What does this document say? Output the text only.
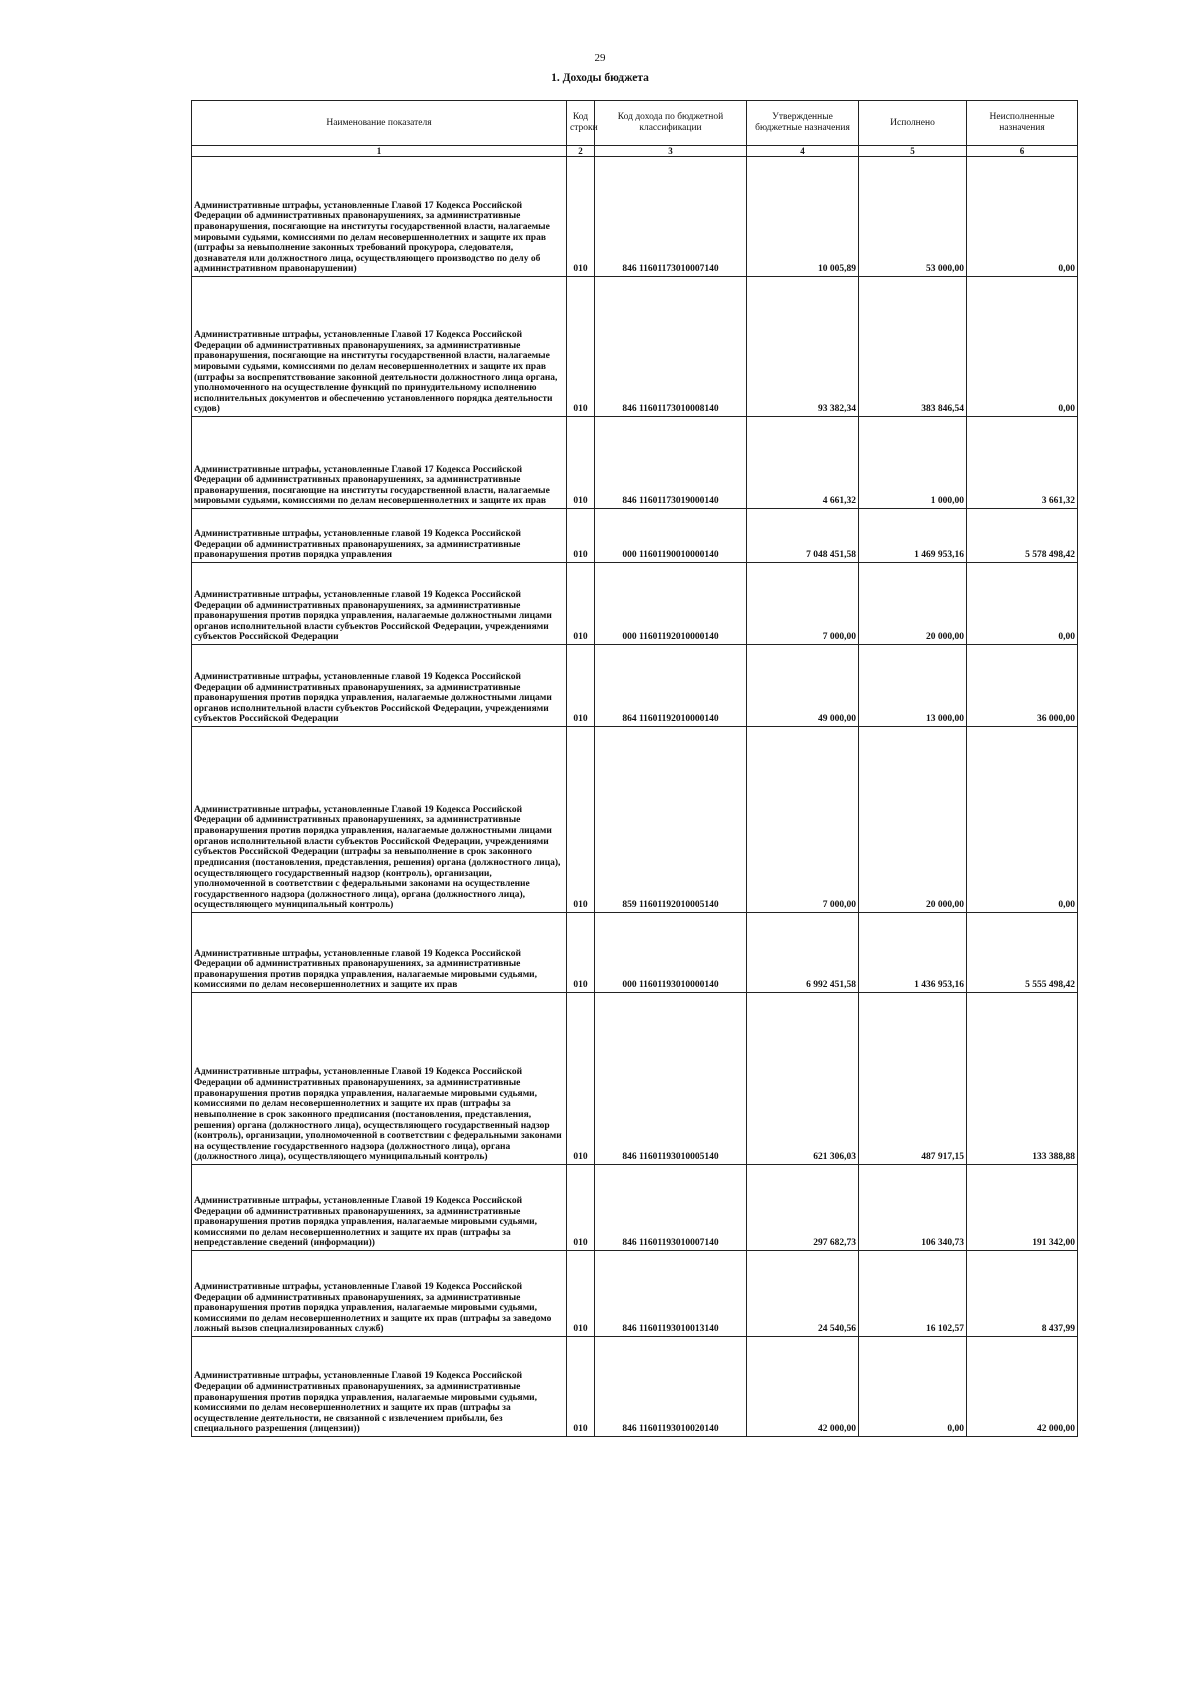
29
1. Доходы бюджета
Наименование показателя	Код строки	Код дохода по бюджетной классификации	Утвержденные бюджетные назначения	Исполнено	Неисполненные назначения
1	2	3	4	5	6
Административные штрафы, установленные Главой 17 Кодекса Российской Федерации об административных правонарушениях, за административные правонарушения, посягающие на институты государственной власти, налагаемые мировыми судьями, комиссиями по делам несовершеннолетних и защите их прав (штрафы за невыполнение законных требований прокурора, следователя, дознавателя или должностного лица, осуществляющего производство по делу об административном правонарушении)	010	846 11601173010007140	10 005,89	53 000,00	0,00
Административные штрафы, установленные Главой 17 Кодекса Российской Федерации об административных правонарушениях, за административные правонарушения, посягающие на институты государственной власти, налагаемые мировыми судьями, комиссиями по делам несовершеннолетних и защите их прав (штрафы за воспрепятствование законной деятельности должностного лица органа, уполномоченного на осуществление функций по принудительному исполнению исполнительных документов и обеспечению установленного порядка деятельности судов)	010	846 11601173010008140	93 382,34	383 846,54	0,00
Административные штрафы, установленные Главой 17 Кодекса Российской Федерации об административных правонарушениях, за административные правонарушения, посягающие на институты государственной власти, налагаемые мировыми судьями, комиссиями по делам несовершеннолетних и защите их прав	010	846 11601173019000140	4 661,32	1 000,00	3 661,32
Административные штрафы, установленные главой 19 Кодекса Российской Федерации об административных правонарушениях, за административные правонарушения против порядка управления	010	000 11601190010000140	7 048 451,58	1 469 953,16	5 578 498,42
Административные штрафы, установленные главой 19 Кодекса Российской Федерации об административных правонарушениях, за административные правонарушения против порядка управления, налагаемые должностными лицами органов исполнительной власти субъектов Российской Федерации, учреждениями субъектов Российской Федерации	010	000 11601192010000140	7 000,00	20 000,00	0,00
Административные штрафы, установленные главой 19 Кодекса Российской Федерации об административных правонарушениях, за административные правонарушения против порядка управления, налагаемые должностными лицами органов исполнительной власти субъектов Российской Федерации, учреждениями субъектов Российской Федерации	010	864 11601192010000140	49 000,00	13 000,00	36 000,00
Административные штрафы, установленные Главой 19 Кодекса Российской Федерации об административных правонарушениях, за административные правонарушения против порядка управления, налагаемые должностными лицами органов исполнительной власти субъектов Российской Федерации, учреждениями субъектов Российской Федерации (штрафы за невыполнение в срок законного предписания (постановления, представления, решения) органа (должностного лица), осуществляющего государственный надзор (контроль), организации, уполномоченной в соответствии с федеральными законами на осуществление государственного надзора (должностного лица), органа (должностного лица), осуществляющего муниципальный контроль)	010	859 11601192010005140	7 000,00	20 000,00	0,00
Административные штрафы, установленные главой 19 Кодекса Российской Федерации об административных правонарушениях, за административные правонарушения против порядка управления, налагаемые мировыми судьями, комиссиями по делам несовершеннолетних и защите их прав	010	000 11601193010000140	6 992 451,58	1 436 953,16	5 555 498,42
Административные штрафы, установленные Главой 19 Кодекса Российской Федерации об административных правонарушениях, за административные правонарушения против порядка управления, налагаемые мировыми судьями, комиссиями по делам несовершеннолетних и защите их прав (штрафы за невыполнение в срок законного предписания (постановления, представления, решения) органа (должностного лица), осуществляющего государственный надзор (контроль), организации, уполномоченной в соответствии с федеральными законами на осуществление государственного надзора (должностного лица), органа (должностного лица), осуществляющего муниципальный контроль)	010	846 11601193010005140	621 306,03	487 917,15	133 388,88
Административные штрафы, установленные Главой 19 Кодекса Российской Федерации об административных правонарушениях, за административные правонарушения против порядка управления, налагаемые мировыми судьями, комиссиями по делам несовершеннолетних и защите их прав (штрафы за непредставление сведений (информации))	010	846 11601193010007140	297 682,73	106 340,73	191 342,00
Административные штрафы, установленные Главой 19 Кодекса Российской Федерации об административных правонарушениях, за административные правонарушения против порядка управления, налагаемые мировыми судьями, комиссиями по делам несовершеннолетних и защите их прав (штрафы за заведомо ложный вызов специализированных служб)	010	846 11601193010013140	24 540,56	16 102,57	8 437,99
Административные штрафы, установленные Главой 19 Кодекса Российской Федерации об административных правонарушениях, за административные правонарушения против порядка управления, налагаемые мировыми судьями, комиссиями по делам несовершеннолетних и защите их прав (штрафы за осуществление деятельности, не связанной с извлечением прибыли, без специального разрешения (лицензии))	010	846 11601193010020140	42 000,00	0,00	42 000,00
